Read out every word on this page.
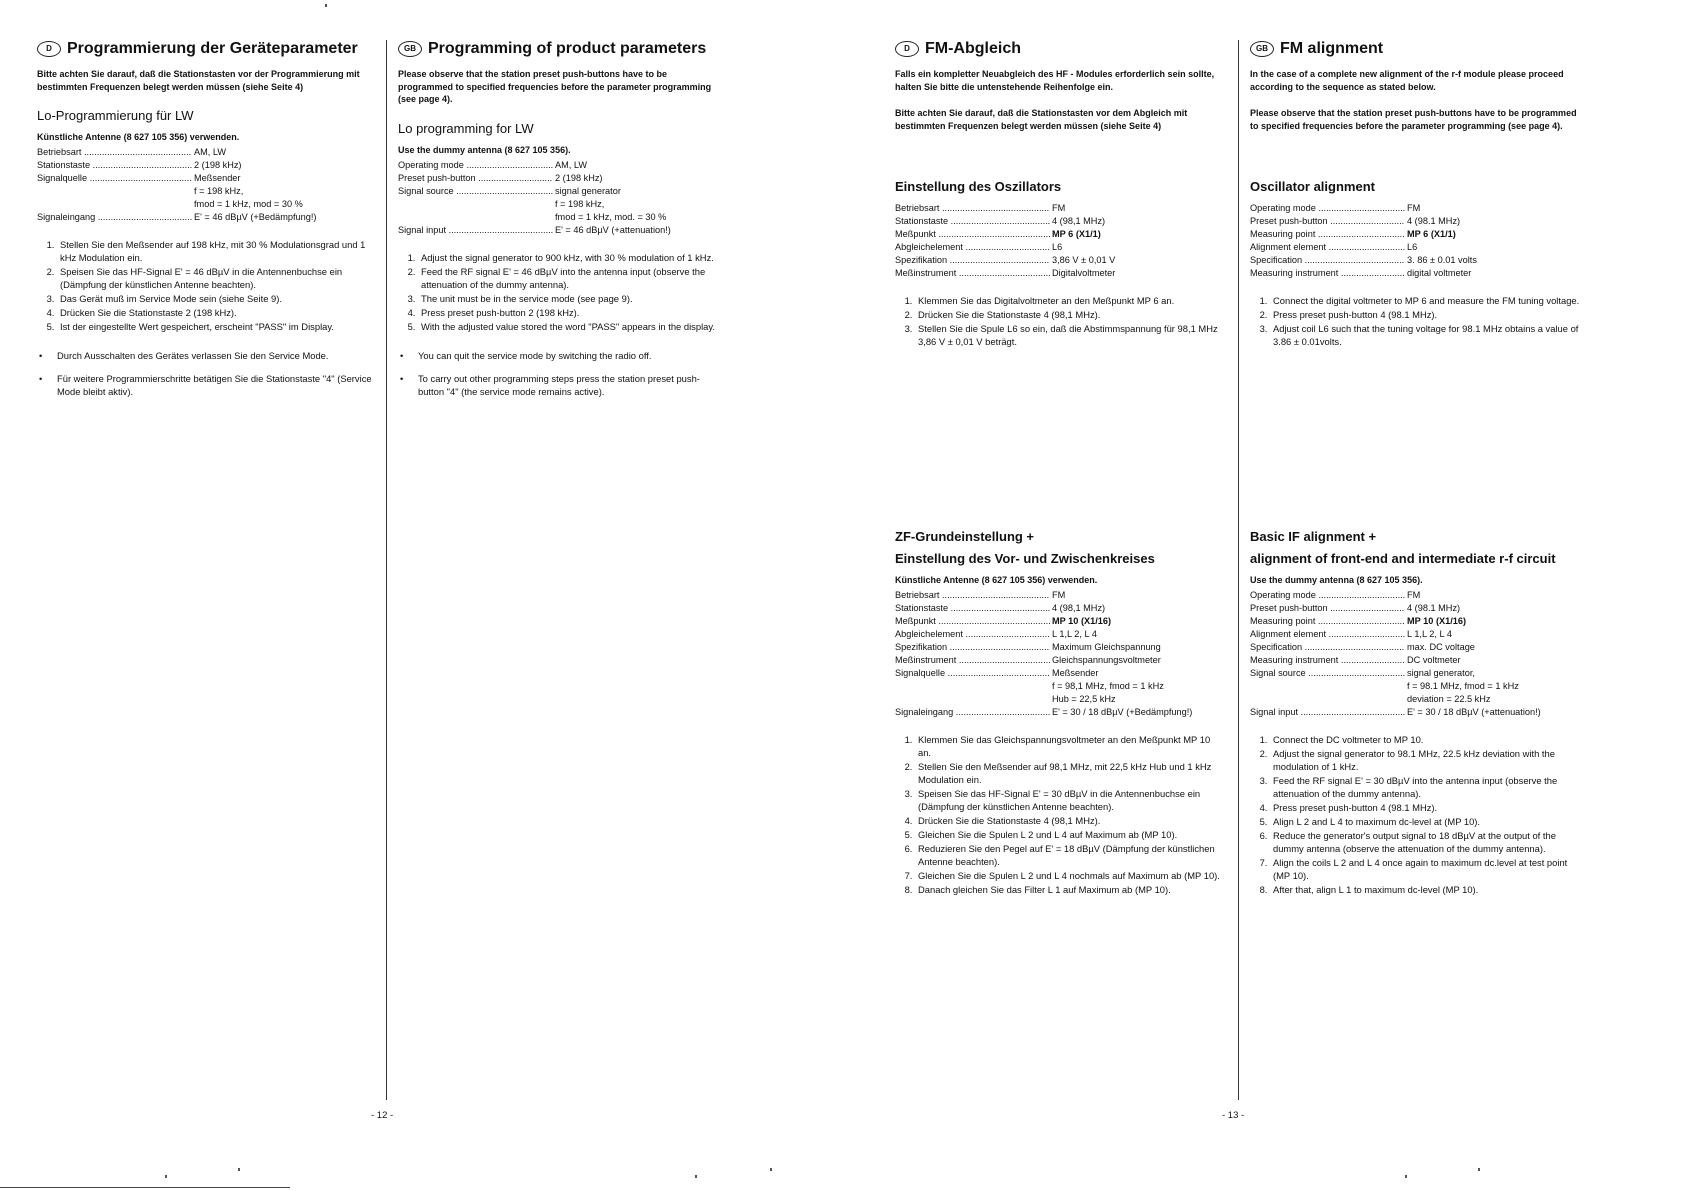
- 12 -	- 13 -
D Programmierung der Geräteparameter

Bitte achten Sie darauf, daß die Stationstasten vor der Programmierung mit bestimmten Frequenzen belegt werden müssen (siehe Seite 4)

Lo-Programmierung für LW
Künstliche Antenne (8 627 105 356) verwenden.
Betriebsart .....	AM, LW
Stationstaste .....	2 (198 kHz)
Signalquelle .....	Meßsender
f = 198 kHz,
fmod = 1 kHz, mod = 30 %
Signaleingang .....	E' = 46 dBµV (+Bedämpfung!)
1. Stellen Sie den Meßsender auf 198 kHz, mit 30 % Modulationsgrad und 1 kHz Modulation ein.
2. Speisen Sie das HF-Signal E' = 46 dBµV in die Antennenbuchse ein (Dämpfung der künstlichen Antenne beachten).
3. Das Gerät muß im Service Mode sein (siehe Seite 9).
4. Drücken Sie die Stationstaste 2 (198 kHz).
5. Ist der eingestellte Wert gespeichert, erscheint "PASS" im Display.
• Durch Ausschalten des Gerätes verlassen Sie den Service Mode.
• Für weitere Programmierschritte betätigen Sie die Stationstaste "4" (Service Mode bleibt aktiv).
GB Programming of product parameters

Please observe that the station preset push-buttons have to be programmed to specified frequencies before the parameter programming (see page 4).

Lo programming for LW
Use the dummy antenna (8 627 105 356).
Operating mode .....	AM, LW
Preset push-button .....	2 (198 kHz)
Signal source .....	signal generator
f = 198 kHz,
fmod = 1 kHz, mod. = 30 %
Signal input .....	E' = 46 dBµV (+attenuation!)
1. Adjust the signal generator to 900 kHz, with 30 % modulation of 1 kHz.
2. Feed the RF signal E' = 46 dBµV into the antenna input (observe the attenuation of the dummy antenna).
3. The unit must be in the service mode (see page 9).
4. Press preset push-button 2 (198 kHz).
5. With the adjusted value stored the word "PASS" appears in the display.
• You can quit the service mode by switching the radio off.
• To carry out other programming steps press the station preset push-button "4" (the service mode remains active).
D FM-Abgleich

Falls ein kompletter Neuabgleich des HF - Modules erforderlich sein sollte, halten Sie bitte die untenstehende Reihenfolge ein.

Bitte achten Sie darauf, daß die Stationstasten vor dem Abgleich mit bestimmten Frequenzen belegt werden müssen (siehe Seite 4)

Einstellung des Oszillators
Betriebsart .....	FM
Stationstaste .....	4 (98,1 MHz)
Meßpunkt .....	MP 6 (X1/1)
Abgleichelement .....	L6
Spezifikation .....	3,86 V ± 0,01 V
Meßinstrument .....	Digitalvoltmeter
1. Klemmen Sie das Digitalvoltmeter an den Meßpunkt MP 6 an.
2. Drücken Sie die Stationstaste 4 (98,1 MHz).
3. Stellen Sie die Spule L6 so ein, daß die Abstimmspannung für 98,1 MHz 3,86 V ± 0,01 V beträgt.
ZF-Grundeinstellung +
Einstellung des Vor- und Zwischenkreises
Künstliche Antenne (8 627 105 356) verwenden.
Betriebsart .....	FM
Stationstaste .....	4 (98,1 MHz)
Meßpunkt .....	MP 10 (X1/16)
Abgleichelement .....	L 1,L 2, L 4
Spezifikation .....	Maximum Gleichspannung
Meßinstrument .....	Gleichspannungsvoltmeter
Signalquelle .....	Meßsender
f = 98,1 MHz, fmod = 1 kHz
Hub = 22,5 kHz
Signaleingang .....	E' = 30 / 18 dBµV (+Bedämpfung!)
1. Klemmen Sie das Gleichspannungsvoltmeter an den Meßpunkt MP 10 an.
2. Stellen Sie den Meßsender auf 98,1 MHz, mit 22,5 kHz Hub und 1 kHz Modulation ein.
3. Speisen Sie das HF-Signal E' = 30 dBµV in die Antennenbuchse ein (Dämpfung der künstlichen Antenne beachten).
4. Drücken Sie die Stationstaste 4 (98,1 MHz).
5. Gleichen Sie die Spulen L 2 und L 4 auf Maximum ab (MP 10).
6. Reduzieren Sie den Pegel auf E' = 18 dBµV (Dämpfung der künstlichen Antenne beachten).
7. Gleichen Sie die Spulen L 2 und L 4 nochmals auf Maximum ab (MP 10).
8. Danach gleichen Sie das Filter L 1 auf Maximum ab (MP 10).
GB FM alignment

In the case of a complete new alignment of the r-f module please proceed according to the sequence as stated below.

Please observe that the station preset push-buttons have to be programmed to specified frequencies before the parameter programming (see page 4).

Oscillator alignment
Operating mode .....	FM
Preset push-button .....	4 (98.1 MHz)
Measuring point .....	MP 6 (X1/1)
Alignment element .....	L6
Specification .....	3. 86 ± 0.01 volts
Measuring instrument .....	digital voltmeter
1. Connect the digital voltmeter to MP 6 and measure the FM tuning voltage.
2. Press preset push-button 4 (98.1 MHz).
3. Adjust coil L6 such that the tuning voltage for 98.1 MHz obtains a value of 3.86 ± 0.01volts.
Basic IF alignment +
alignment of front-end and intermediate r-f circuit
Use the dummy antenna (8 627 105 356).
Operating mode .....	FM
Preset push-button .....	4 (98.1 MHz)
Measuring point .....	MP 10 (X1/16)
Alignment element .....	L 1,L 2, L 4
Specification .....	max. DC voltage
Measuring instrument .....	DC voltmeter
Signal source .....	signal generator,
f = 98.1 MHz, fmod = 1 kHz
deviation = 22.5 kHz
Signal input .....	E' = 30 / 18 dBµV (+attenuation!)
1. Connect the DC voltmeter to MP 10.
2. Adjust the signal generator to 98.1 MHz, 22.5 kHz deviation with the modulation of 1 kHz.
3. Feed the RF signal E' = 30 dBµV into the antenna input (observe the attenuation of the dummy antenna).
4. Press preset push-button 4 (98.1 MHz).
5. Align L 2 and L 4 to maximum dc-level at (MP 10).
6. Reduce the generator's output signal to 18 dBµV at the output of the dummy antenna (observe the attenuation of the dummy antenna).
7. Align the coils L 2 and L 4 once again to maximum dc.level at test point (MP 10).
8. After that, align L 1 to maximum dc-level (MP 10).
